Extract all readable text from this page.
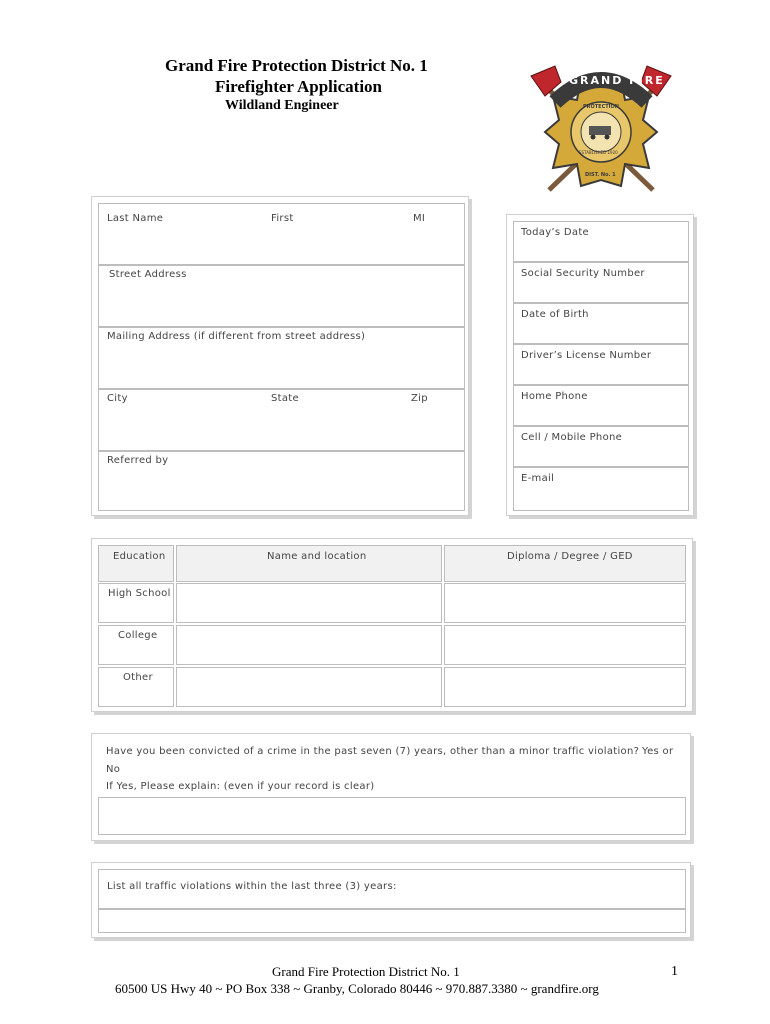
Grand Fire Protection District No. 1
Firefighter Application
Wildland Engineer
GRAND FIRE
PROTECTION
ESTABLISHED 1920
DIST. No. 1
Last Name	First	MI
Street Address
Mailing Address (if different from street address)
City	State	Zip
Referred by
Today’s Date
Social Security Number
Date of Birth
Driver’s License Number
Home Phone
Cell / Mobile Phone
E-mail
Education	Name and location	Diploma / Degree / GED
High School
College
Other
Have you been convicted of a crime in the past seven (7) years, other than a minor traffic violation? Yes or
No
If Yes, Please explain: (even if your record is clear)
List all traffic violations within the last three (3) years:
Grand Fire Protection District No. 1
60500 US Hwy 40 ~ PO Box 338 ~ Granby, Colorado 80446 ~ 970.887.3380 ~ grandfire.org
1
